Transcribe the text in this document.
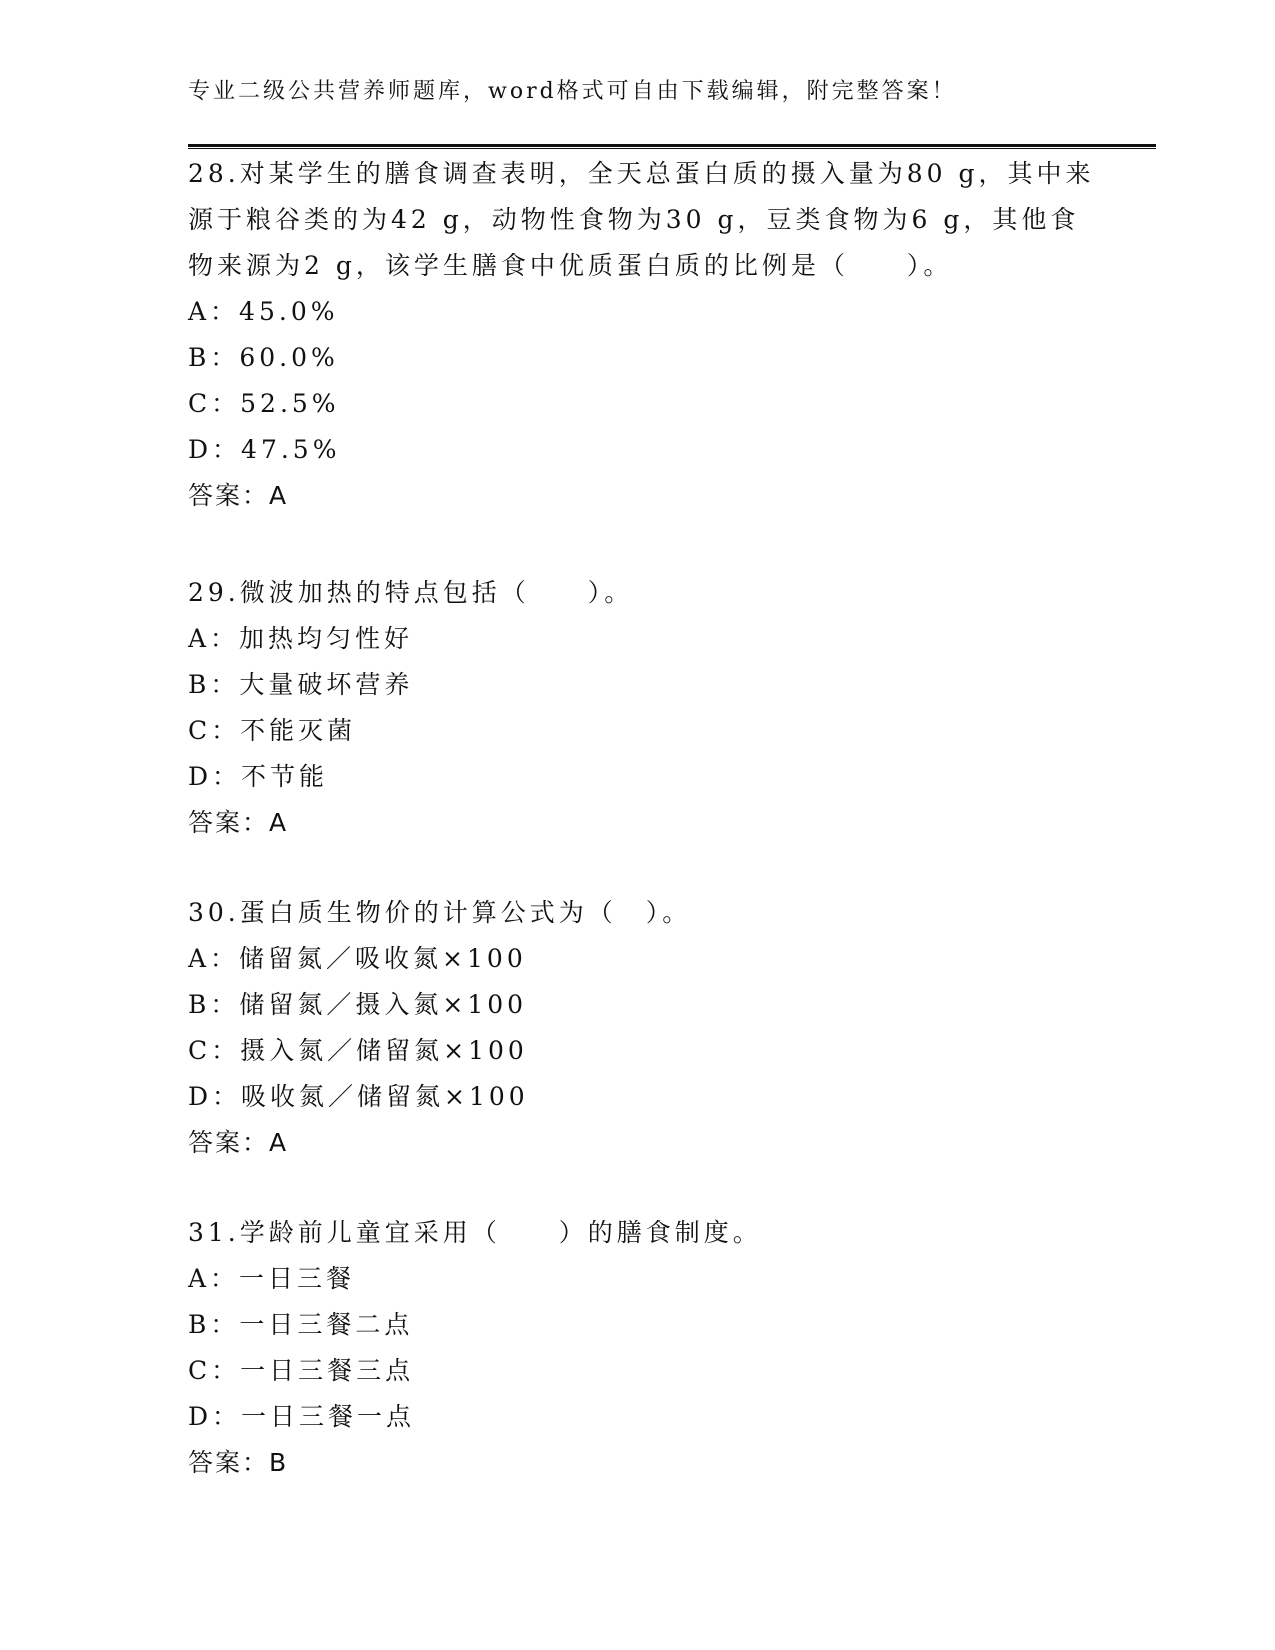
专业二级公共营养师题库，word格式可自由下载编辑，附完整答案！
28.对某学生的膳食调查表明，全天总蛋白质的摄入量为80 g，其中来
源于粮谷类的为42 g，动物性食物为30 g，豆类食物为6 g，其他食
物来源为2 g，该学生膳食中优质蛋白质的比例是（　　）。
A：45.0%
B：60.0%
C：52.5%
D：47.5%
答案：A
29.微波加热的特点包括（　　）。
A：加热均匀性好
B：大量破坏营养
C：不能灭菌
D：不节能
答案：A
30.蛋白质生物价的计算公式为（　）。
A：储留氮／吸收氮×100
B：储留氮／摄入氮×100
C：摄入氮／储留氮×100
D：吸收氮／储留氮×100
答案：A
31.学龄前儿童宜采用（　　）的膳食制度。
A：一日三餐
B：一日三餐二点
C：一日三餐三点
D：一日三餐一点
答案：B
